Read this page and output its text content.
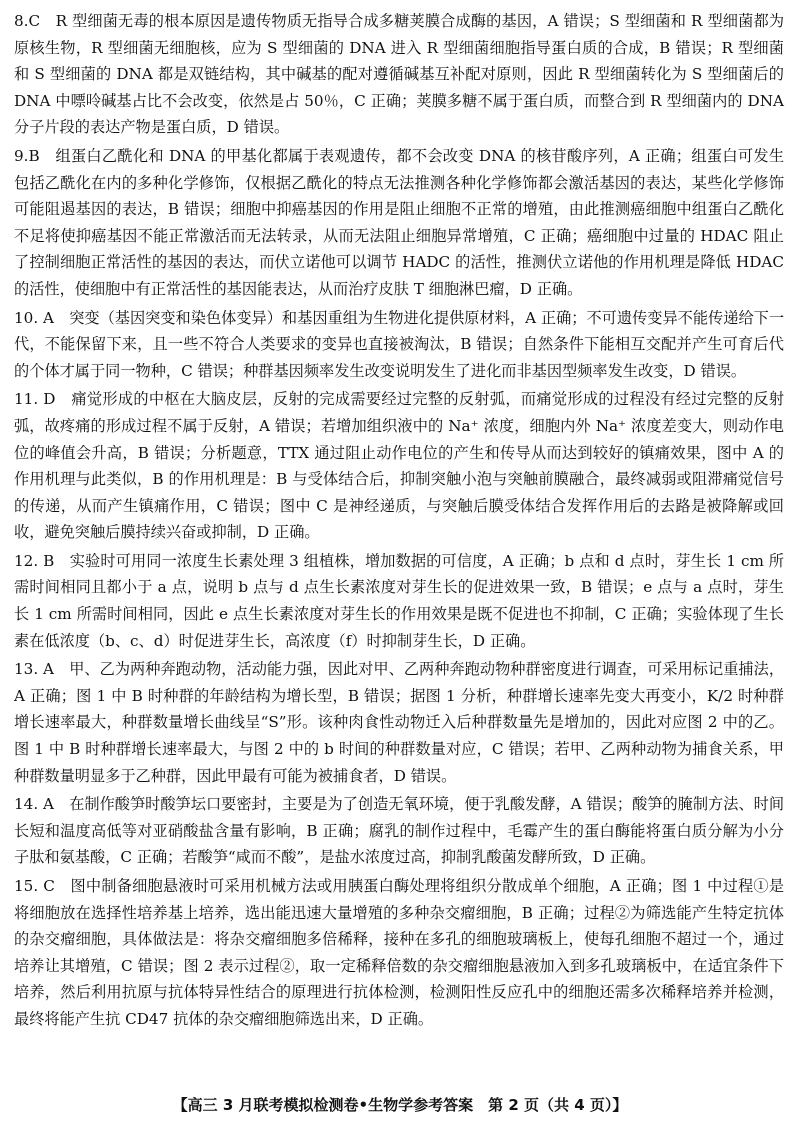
8.C　 R 型细菌无毒的根本原因是遗传物质无指导合成多糖荚膜合成酶的基因，A 错误；S 型细菌和 R 型细菌都为原核生物，R 型细菌无细胞核，应为 S 型细菌的 DNA 进入 R 型细菌细胞指导蛋白质的合成，B 错误；R 型细菌和 S 型细菌的 DNA 都是双链结构，其中碱基的配对遵循碱基互补配对原则，因此 R 型细菌转化为 S 型细菌后的 DNA 中嘌呤碱基占比不会改变，依然是占 50％，C 正确；荚膜多糖不属于蛋白质，而整合到 R 型细菌内的 DNA 分子片段的表达产物是蛋白质，D 错误。

9.B　 组蛋白乙酰化和 DNA 的甲基化都属于表观遗传，都不会改变 DNA 的核苷酸序列，A 正确；组蛋白可发生包括乙酰化在内的多种化学修饰，仅根据乙酰化的特点无法推测各种化学修饰都会激活基因的表达，某些化学修饰可能阻遏基因的表达，B 错误；细胞中抑癌基因的作用是阻止细胞不正常的增殖，由此推测癌细胞中组蛋白乙酰化不足将使抑癌基因不能正常激活而无法转录，从而无法阻止细胞异常增殖，C 正确；癌细胞中过量的 HDAC 阻止了控制细胞正常活性的基因的表达，而伏立诺他可以调节 HADC 的活性，推测伏立诺他的作用机理是降低 HDAC 的活性，使细胞中有正常活性的基因能表达，从而治疗皮肤 T 细胞淋巴瘤，D 正确。

10. A　 突变（基因突变和染色体变异）和基因重组为生物进化提供原材料，A 正确；不可遗传变异不能传递给下一代，不能保留下来，且一些不符合人类要求的变异也直接被淘汰，B 错误；自然条件下能相互交配并产生可育后代的个体才属于同一物种，C 错误；种群基因频率发生改变说明发生了进化而非基因型频率发生改变，D 错误。

11. D　 痛觉形成的中枢在大脑皮层，反射的完成需要经过完整的反射弧，而痛觉形成的过程没有经过完整的反射弧，故疼痛的形成过程不属于反射，A 错误；若增加组织液中的 Na⁺ 浓度，细胞内外 Na⁺ 浓度差变大，则动作电位的峰值会升高，B 错误；分析题意，TTX 通过阻止动作电位的产生和传导从而达到较好的镇痛效果，图中 A 的作用机理与此类似，B 的作用机理是：B 与受体结合后，抑制突触小泡与突触前膜融合，最终减弱或阻滞痛觉信号的传递，从而产生镇痛作用，C 错误；图中 C 是神经递质，与突触后膜受体结合发挥作用后的去路是被降解或回收，避免突触后膜持续兴奋或抑制，D 正确。

12. B　 实验时可用同一浓度生长素处理 3 组植株，增加数据的可信度，A 正确；b 点和 d 点时，芽生长 1 cm 所需时间相同且都小于 a 点，说明 b 点与 d 点生长素浓度对芽生长的促进效果一致，B 错误；e 点与 a 点时，芽生长 1 cm 所需时间相同，因此 e 点生长素浓度对芽生长的作用效果是既不促进也不抑制，C 正确；实验体现了生长素在低浓度（b、c、d）时促进芽生长，高浓度（f）时抑制芽生长，D 正确。

13. A　 甲、乙为两种奔跑动物，活动能力强，因此对甲、乙两种奔跑动物种群密度进行调查，可采用标记重捕法，A 正确；图 1 中 B 时种群的年龄结构为增长型，B 错误；据图 1 分析，种群增长速率先变大再变小，K/2 时种群增长速率最大，种群数量增长曲线呈“S”形。该种肉食性动物迁入后种群数量先是增加的，因此对应图 2 中的乙。图 1 中 B 时种群增长速率最大，与图 2 中的 b 时间的种群数量对应，C 错误；若甲、乙两种动物为捕食关系，甲种群数量明显多于乙种群，因此甲最有可能为被捕食者，D 错误。

14. A　 在制作酸笋时酸笋坛口要密封，主要是为了创造无氧环境，便于乳酸发酵，A 错误；酸笋的腌制方法、时间长短和温度高低等对亚硝酸盐含量有影响，B 正确；腐乳的制作过程中，毛霉产生的蛋白酶能将蛋白质分解为小分子肽和氨基酸，C 正确；若酸笋“咸而不酸”，是盐水浓度过高，抑制乳酸菌发酵所致，D 正确。

15. C　 图中制备细胞悬液时可采用机械方法或用胰蛋白酶处理将组织分散成单个细胞，A 正确；图 1 中过程①是将细胞放在选择性培养基上培养，选出能迅速大量增殖的多种杂交瘤细胞，B 正确；过程②为筛选能产生特定抗体的杂交瘤细胞，具体做法是：将杂交瘤细胞多倍稀释，接种在多孔的细胞玻璃板上，使每孔细胞不超过一个，通过培养让其增殖，C 错误；图 2 表示过程②，取一定稀释倍数的杂交瘤细胞悬液加入到多孔玻璃板中，在适宜条件下培养，然后利用抗原与抗体特异性结合的原理进行抗体检测，检测阳性反应孔中的细胞还需多次稀释培养并检测，最终将能产生抗 CD47 抗体的杂交瘤细胞筛选出来，D 正确。

【高三 3 月联考模拟检测卷•生物学参考答案　 第 2 页（共 4 页）】
